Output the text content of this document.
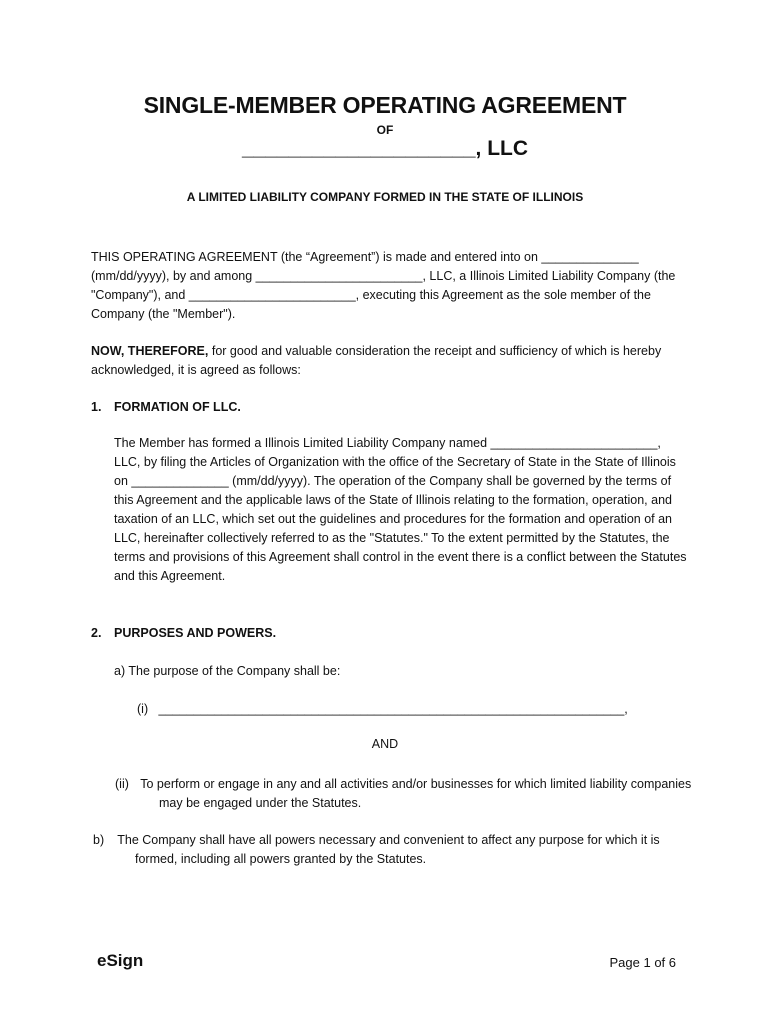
SINGLE-MEMBER OPERATING AGREEMENT
OF
____________________, LLC
A LIMITED LIABILITY COMPANY FORMED IN THE STATE OF ILLINOIS

THIS OPERATING AGREEMENT (the “Agreement”) is made and entered into on ______________ (mm/dd/yyyy), by and among ________________________, LLC, a Illinois Limited Liability Company (the "Company"), and ________________________, executing this Agreement as the sole member of the Company (the "Member").

NOW, THEREFORE, for good and valuable consideration the receipt and sufficiency of which is hereby acknowledged, it is agreed as follows:

1. FORMATION OF LLC.

The Member has formed a Illinois Limited Liability Company named ________________________, LLC, by filing the Articles of Organization with the office of the Secretary of State in the State of Illinois on ______________ (mm/dd/yyyy). The operation of the Company shall be governed by the terms of this Agreement and the applicable laws of the State of Illinois relating to the formation, operation, and taxation of an LLC, which set out the guidelines and procedures for the formation and operation of an LLC, hereinafter collectively referred to as the "Statutes." To the extent permitted by the Statutes, the terms and provisions of this Agreement shall control in the event there is a conflict between the Statutes and this Agreement.

2. PURPOSES AND POWERS.

a) The purpose of the Company shall be:

(i) ___________________________________________________________________,

AND

(ii) To perform or engage in any and all activities and/or businesses for which limited liability companies may be engaged under the Statutes.

b) The Company shall have all powers necessary and convenient to affect any purpose for which it is formed, including all powers granted by the Statutes.

eSign	Page 1 of 6
